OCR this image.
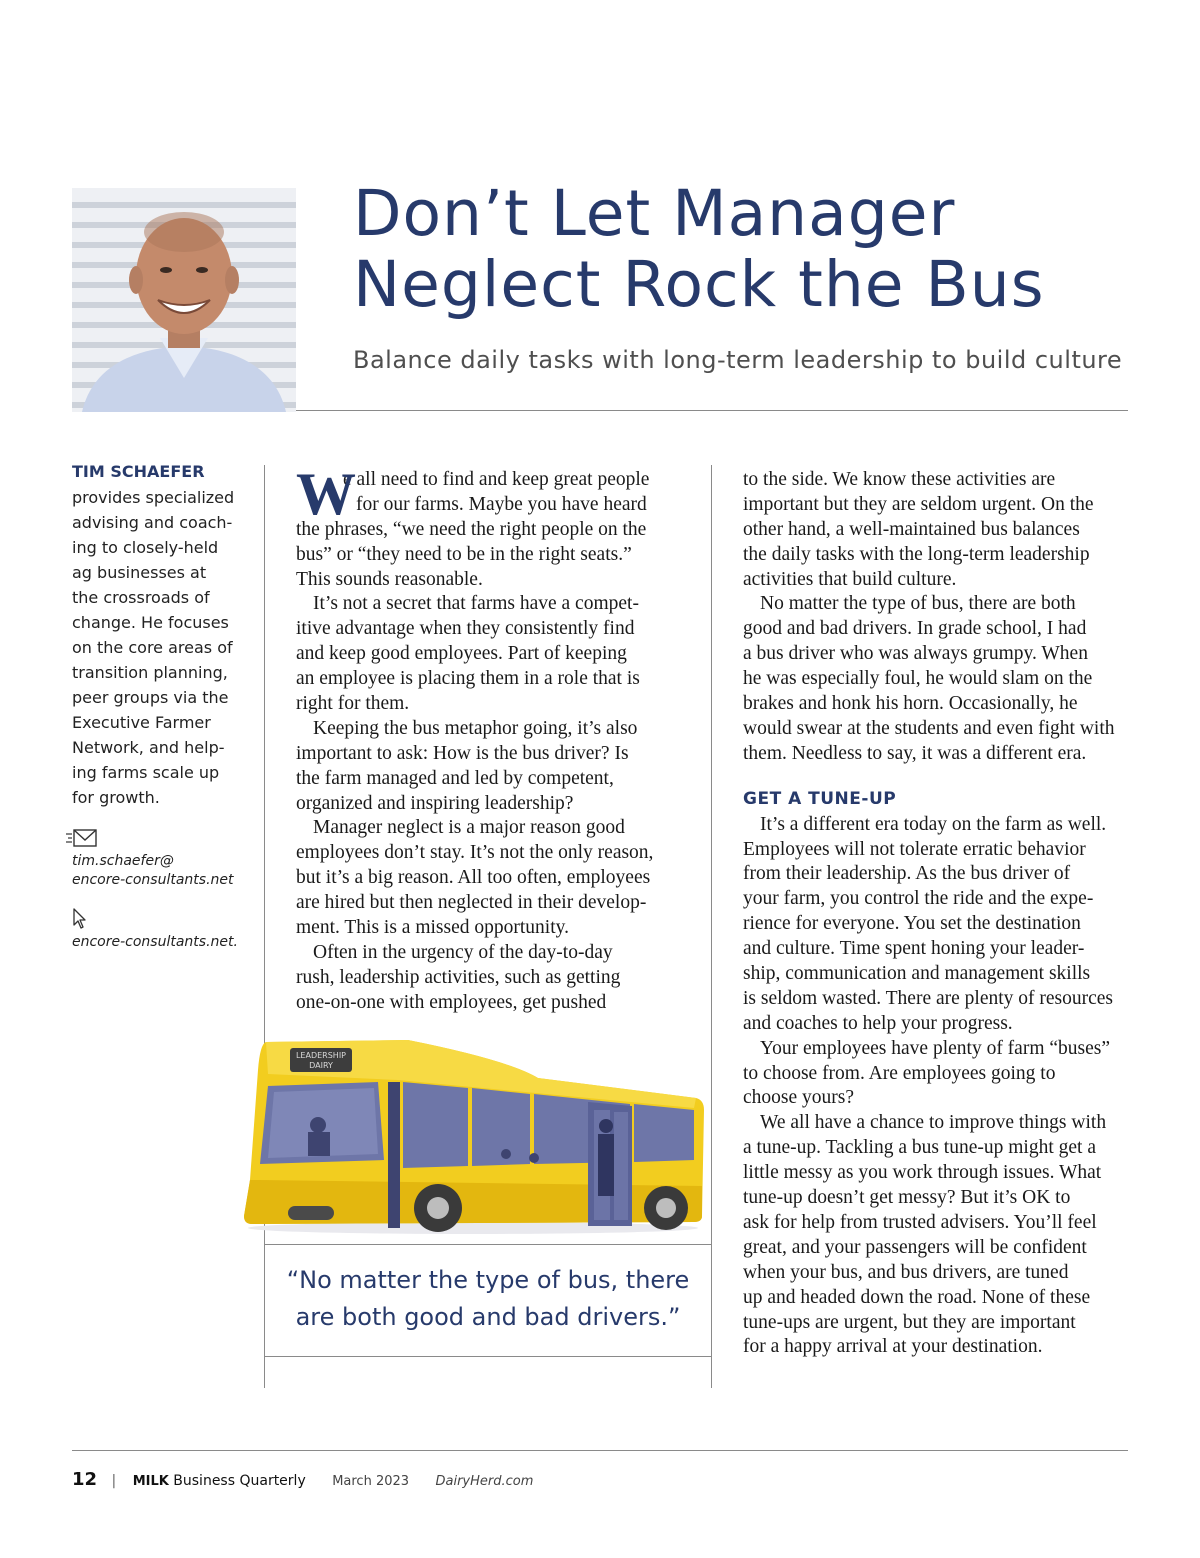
Don’t Let Manager
Neglect Rock the Bus
Balance daily tasks with long-term leadership to build culture
TIM SCHAEFER
provides specialized
advising and coach-
ing to closely-held
ag businesses at
the crossroads of
change. He focuses
on the core areas of
transition planning,
peer groups via the
Executive Farmer
Network, and help-
ing farms scale up
for growth.
tim.schaefer@
encore-consultants.net
encore-consultants.net.
W
e all need to find and keep great people
for our farms. Maybe you have heard
the phrases, “we need the right people on the
bus” or “they need to be in the right seats.”
This sounds reasonable.
It’s not a secret that farms have a compet-
itive advantage when they consistently find
and keep good employees. Part of keeping
an employee is placing them in a role that is
right for them.
Keeping the bus metaphor going, it’s also
important to ask: How is the bus driver? Is
the farm managed and led by competent,
organized and inspiring leadership?
Manager neglect is a major reason good
employees don’t stay. It’s not the only reason,
but it’s a big reason. All too often, employees
are hired but then neglected in their develop-
ment. This is a missed opportunity.
Often in the urgency of the day-to-day
rush, leadership activities, such as getting
one-on-one with employees, get pushed
LEADERSHIP
DAIRY
“No matter the type of bus, there
are both good and bad drivers.”
to the side. We know these activities are
important but they are seldom urgent. On the
other hand, a well-maintained bus balances
the daily tasks with the long-term leadership
activities that build culture.
No matter the type of bus, there are both
good and bad drivers. In grade school, I had
a bus driver who was always grumpy. When
he was especially foul, he would slam on the
brakes and honk his horn. Occasionally, he
would swear at the students and even fight with
them. Needless to say, it was a different era.
GET A TUNE-UP
It’s a different era today on the farm as well.
Employees will not tolerate erratic behavior
from their leadership. As the bus driver of
your farm, you control the ride and the expe-
rience for everyone. You set the destination
and culture. Time spent honing your leader-
ship, communication and management skills
is seldom wasted. There are plenty of resources
and coaches to help your progress.
Your employees have plenty of farm “buses”
to choose from. Are employees going to
choose yours?
We all have a chance to improve things with
a tune-up. Tackling a bus tune-up might get a
little messy as you work through issues. What
tune-up doesn’t get messy? But it’s OK to
ask for help from trusted advisers. You’ll feel
great, and your passengers will be confident
when your bus, and bus drivers, are tuned
up and headed down the road. None of these
tune-ups are urgent, but they are important
for a happy arrival at your destination.
12 | MILK Business Quarterly March 2023 DairyHerd.com
